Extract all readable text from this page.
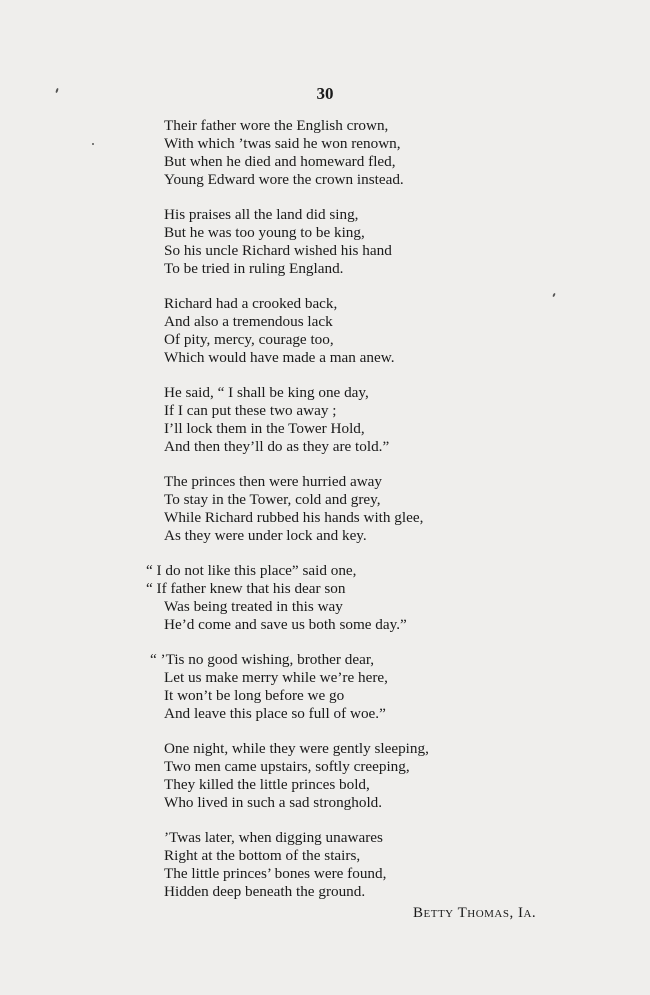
30
Their father wore the English crown,
With which ’twas said he won renown,
But when he died and homeward fled,
Young Edward wore the crown instead.
His praises all the land did sing,
But he was too young to be king,
So his uncle Richard wished his hand
To be tried in ruling England.
Richard had a crooked back,
And also a tremendous lack
Of pity, mercy, courage too,
Which would have made a man anew.
He said, “ I shall be king one day,
If I can put these two away ;
I’ll lock them in the Tower Hold,
And then they’ll do as they are told.”
The princes then were hurried away
To stay in the Tower, cold and grey,
While Richard rubbed his hands with glee,
As they were under lock and key.
“ I do not like this place” said one,
“ If father knew that his dear son
Was being treated in this way
He’d come and save us both some day.”
“ ’Tis no good wishing, brother dear,
Let us make merry while we’re here,
It won’t be long before we go
And leave this place so full of woe.”
One night, while they were gently sleeping,
Two men came upstairs, softly creeping,
They killed the little princes bold,
Who lived in such a sad stronghold.
’Twas later, when digging unawares
Right at the bottom of the stairs,
The little princes’ bones were found,
Hidden deep beneath the ground.
Betty Thomas, Ia.
